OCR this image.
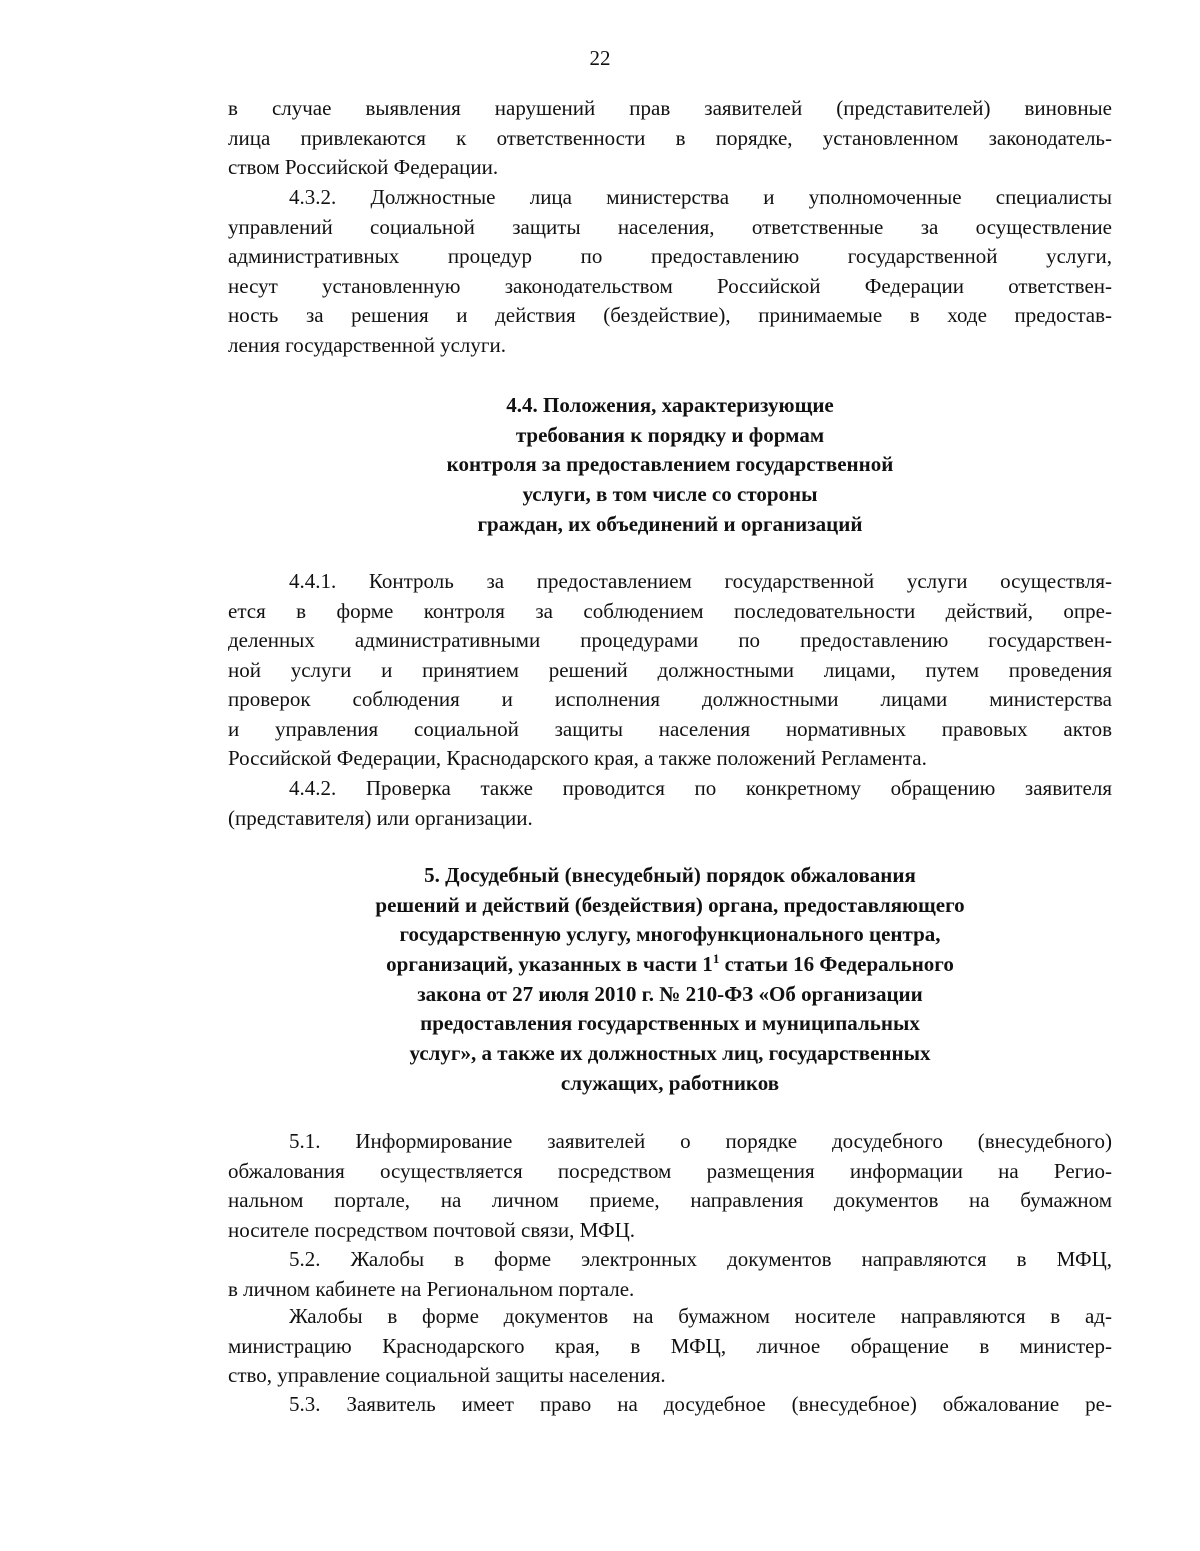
22
в случае выявления нарушений прав заявителей (представителей) виновные
лица привлекаются к ответственности в порядке, установленном законодатель-
ством Российской Федерации.
4.3.2. Должностные лица министерства и уполномоченные специалисты
управлений социальной защиты населения, ответственные за осуществление
административных процедур по предоставлению государственной услуги,
несут установленную законодательством Российской Федерации ответствен-
ность за решения и действия (бездействие), принимаемые в ходе предостав-
ления государственной услуги.
4.4. Положения, характеризующие
требования к порядку и формам
контроля за предоставлением государственной
услуги, в том числе со стороны
граждан, их объединений и организаций
4.4.1. Контроль за предоставлением государственной услуги осуществля-
ется в форме контроля за соблюдением последовательности действий, опре-
деленных административными процедурами по предоставлению государствен-
ной услуги и принятием решений должностными лицами, путем проведения
проверок соблюдения и исполнения должностными лицами министерства
и управления социальной защиты населения нормативных правовых актов
Российской Федерации, Краснодарского края, а также положений Регламента.
4.4.2. Проверка также проводится по конкретному обращению заявителя
(представителя) или организации.
5. Досудебный (внесудебный) порядок обжалования
решений и действий (бездействия) органа, предоставляющего
государственную услугу, многофункционального центра,
организаций, указанных в части $1^1$ статьи 16 Федерального
закона от 27 июля 2010 г. № 210-ФЗ «Об организации
предоставления государственных и муниципальных
услуг», а также их должностных лиц, государственных
служащих, работников
5.1. Информирование заявителей о порядке досудебного (внесудебного)
обжалования осуществляется посредством размещения информации на Регио-
нальном портале, на личном приеме, направления документов на бумажном
носителе посредством почтовой связи, МФЦ.
5.2. Жалобы в форме электронных документов направляются в МФЦ,
в личном кабинете на Региональном портале.
Жалобы в форме документов на бумажном носителе направляются в ад-
министрацию Краснодарского края, в МФЦ, личное обращение в министер-
ство, управление социальной защиты населения.
5.3. Заявитель имеет право на досудебное (внесудебное) обжалование ре-
